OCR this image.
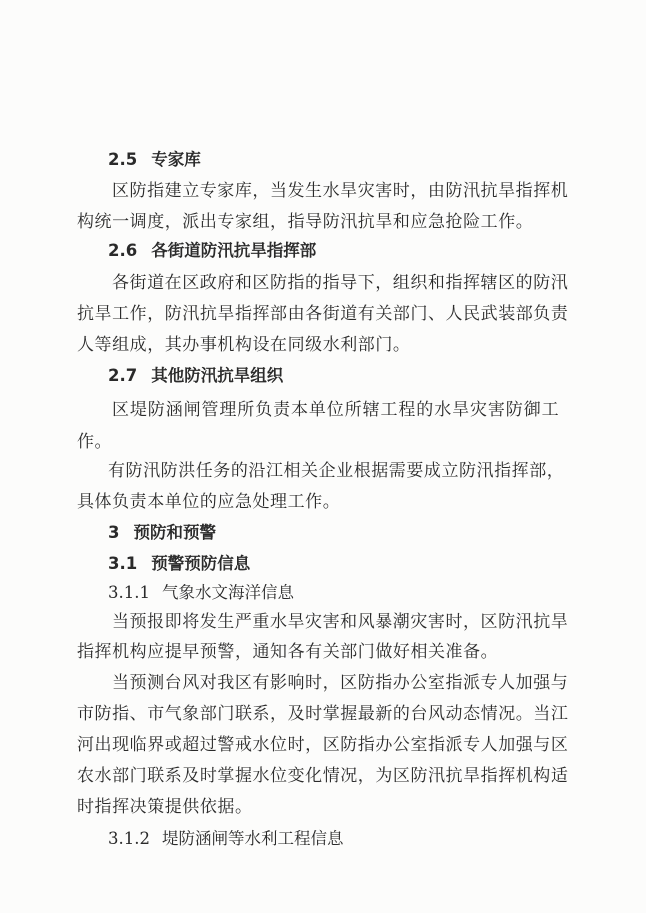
2.5 专家库
区防指建立专家库，当发生水旱灾害时，由防汛抗旱指挥机
构统一调度，派出专家组，指导防汛抗旱和应急抢险工作。
2.6 各街道防汛抗旱指挥部
各街道在区政府和区防指的指导下，组织和指挥辖区的防汛
抗旱工作，防汛抗旱指挥部由各街道有关部门、人民武装部负责
人等组成，其办事机构设在同级水利部门。
2.7 其他防汛抗旱组织
区堤防涵闸管理所负责本单位所辖工程的水旱灾害防御工
作。
有防汛防洪任务的沿江相关企业根据需要成立防汛指挥部，
具体负责本单位的应急处理工作。
3 预防和预警
3.1 预警预防信息
3.1.1 气象水文海洋信息
当预报即将发生严重水旱灾害和风暴潮灾害时，区防汛抗旱
指挥机构应提早预警，通知各有关部门做好相关准备。
当预测台风对我区有影响时，区防指办公室指派专人加强与
市防指、市气象部门联系，及时掌握最新的台风动态情况。当江
河出现临界或超过警戒水位时，区防指办公室指派专人加强与区
农水部门联系及时掌握水位变化情况，为区防汛抗旱指挥机构适
时指挥决策提供依据。
3.1.2 堤防涵闸等水利工程信息
